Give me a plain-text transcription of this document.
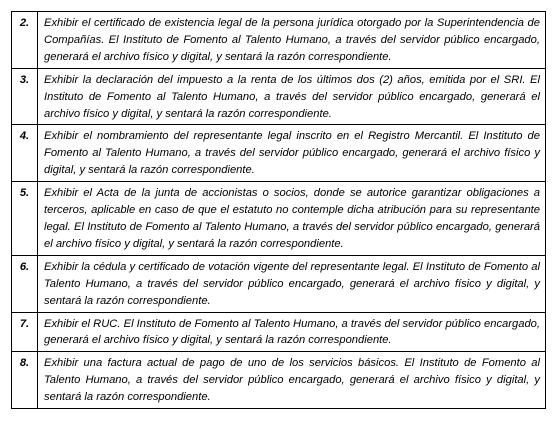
2.	Exhibir el certificado de existencia legal de la persona jurídica otorgado por la Superintendencia de Compañías. El Instituto de Fomento al Talento Humano, a través del servidor público encargado, generará el archivo físico y digital, y sentará la razón correspondiente.
3.	Exhibir la declaración del impuesto a la renta de los últimos dos (2) años, emitida por el SRI. El Instituto de Fomento al Talento Humano, a través del servidor público encargado, generará el archivo físico y digital, y sentará la razón correspondiente.
4.	Exhibir el nombramiento del representante legal inscrito en el Registro Mercantil. El Instituto de Fomento al Talento Humano, a través del servidor público encargado, generará el archivo físico y digital, y sentará la razón correspondiente.
5.	Exhibir el Acta de la junta de accionistas o socios, donde se autorice garantizar obligaciones a terceros, aplicable en caso de que el estatuto no contemple dicha atribución para su representante legal. El Instituto de Fomento al Talento Humano, a través del servidor público encargado, generará el archivo físico y digital, y sentará la razón correspondiente.
6.	Exhibir la cédula y certificado de votación vigente del representante legal. El Instituto de Fomento al Talento Humano, a través del servidor público encargado, generará el archivo físico y digital, y sentará la razón correspondiente.
7.	Exhibir el RUC. El Instituto de Fomento al Talento Humano, a través del servidor público encargado, generará el archivo físico y digital, y sentará la razón correspondiente.
8.	Exhibir una factura actual de pago de uno de los servicios básicos. El Instituto de Fomento al Talento Humano, a través del servidor público encargado, generará el archivo físico y digital, y sentará la razón correspondiente.
